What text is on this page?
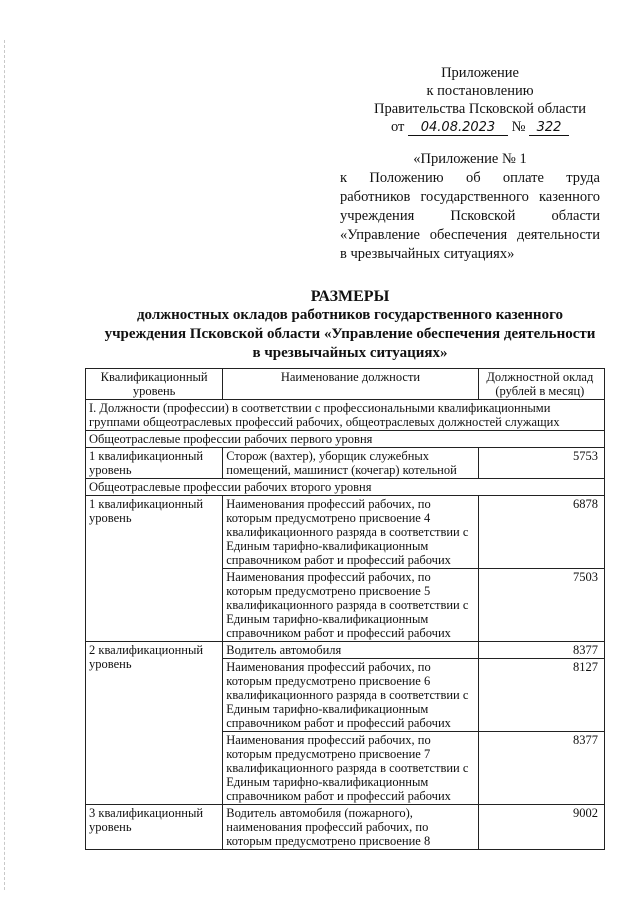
Приложение
к постановлению
Правительства Псковской области
от 04.08.2023 № 322
«Приложение № 1
к Положению об оплате труда
работников государственного казенного
учреждения Псковской области
«Управление обеспечения деятельности
в чрезвычайных ситуациях»
РАЗМЕРЫ
должностных окладов работников государственного казенного
учреждения Псковской области «Управление обеспечения деятельности
в чрезвычайных ситуациях»
Квалификационный уровень	Наименование должности	Должностной оклад (рублей в месяц)
I. Должности (профессии) в соответствии с профессиональными квалификационными группами общеотраслевых профессий рабочих, общеотраслевых должностей служащих		
Общеотраслевые профессии рабочих первого уровня		
1 квалификационный уровень	Сторож (вахтер), уборщик служебных помещений, машинист (кочегар) котельной	5753
Общеотраслевые профессии рабочих второго уровня		
1 квалификационный уровень	Наименования профессий рабочих, по которым предусмотрено присвоение 4 квалификационного разряда в соответствии с Единым тарифно-квалификационным справочником работ и профессий рабочих	6878
	Наименования профессий рабочих, по которым предусмотрено присвоение 5 квалификационного разряда в соответствии с Единым тарифно-квалификационным справочником работ и профессий рабочих	7503
2 квалификационный уровень	Водитель автомобиля	8377
	Наименования профессий рабочих, по которым предусмотрено присвоение 6 квалификационного разряда в соответствии с Единым тарифно-квалификационным справочником работ и профессий рабочих	8127
	Наименования профессий рабочих, по которым предусмотрено присвоение 7 квалификационного разряда в соответствии с Единым тарифно-квалификационным справочником работ и профессий рабочих	8377
3 квалификационный уровень	Водитель автомобиля (пожарного), наименования профессий рабочих, по которым предусмотрено присвоение 8	9002
